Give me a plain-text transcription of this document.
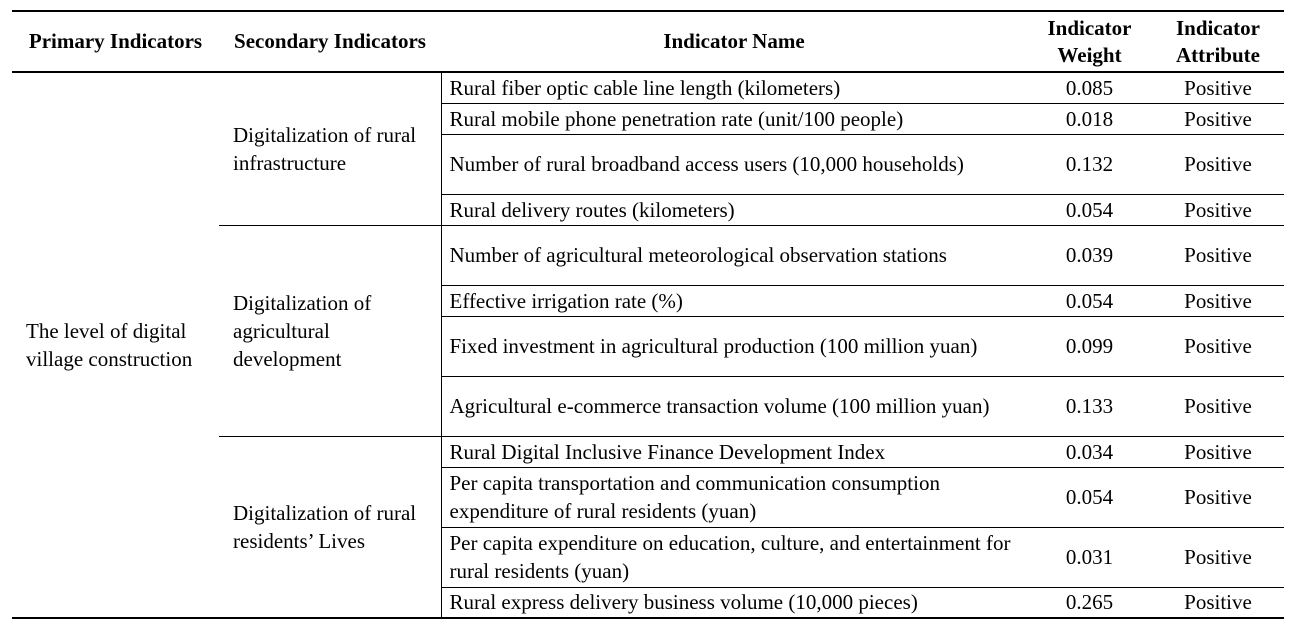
Primary Indicators	Secondary Indicators	Indicator Name	Indicator Weight	Indicator Attribute
The level of digital village construction	Digitalization of rural infrastructure	Rural fiber optic cable line length (kilometers)	0.085	Positive
		Rural mobile phone penetration rate (unit/100 people)	0.018	Positive
		Number of rural broadband access users (10,000 households)	0.132	Positive
		Rural delivery routes (kilometers)	0.054	Positive
	Digitalization of agricultural development	Number of agricultural meteorological observation stations	0.039	Positive
		Effective irrigation rate (%)	0.054	Positive
		Fixed investment in agricultural production (100 million yuan)	0.099	Positive
		Agricultural e-commerce transaction volume (100 million yuan)	0.133	Positive
	Digitalization of rural residents’ Lives	Rural Digital Inclusive Finance Development Index	0.034	Positive
		Per capita transportation and communication consumption expenditure of rural residents (yuan)	0.054	Positive
		Per capita expenditure on education, culture, and entertainment for rural residents (yuan)	0.031	Positive
		Rural express delivery business volume (10,000 pieces)	0.265	Positive
